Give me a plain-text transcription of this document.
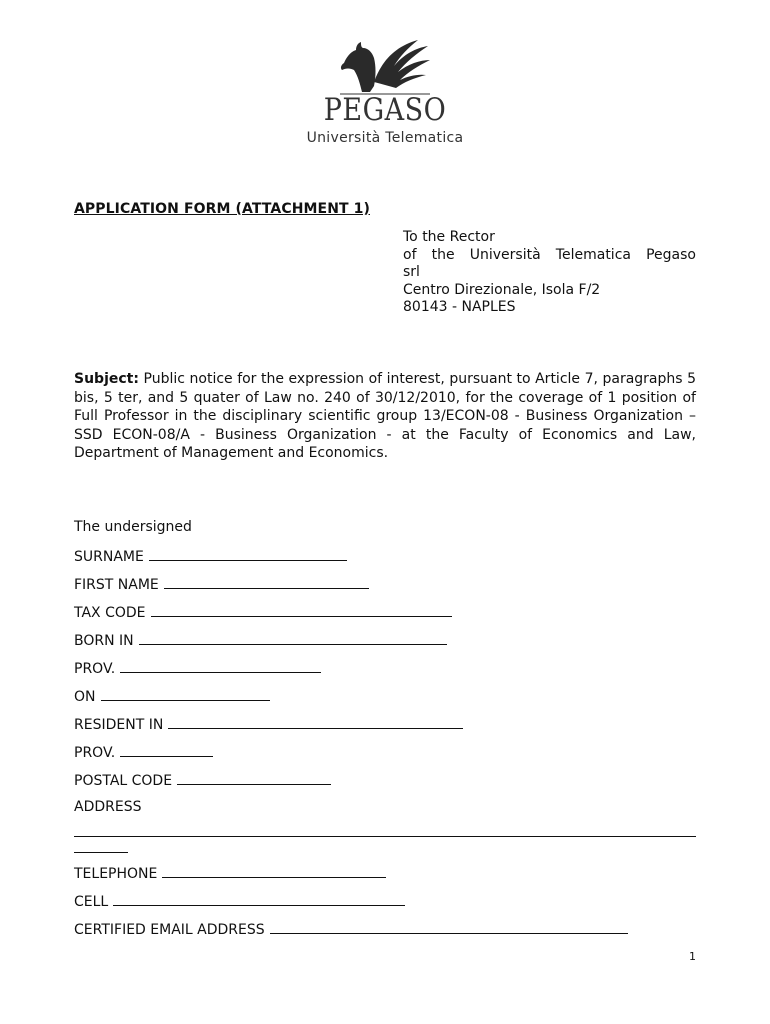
PEGASO
Università Telematica
APPLICATION FORM (ATTACHMENT 1)
To the Rector
of the Università Telematica Pegaso
srl
Centro Direzionale, Isola F/2
80143 - NAPLES
Subject: Public notice for the expression of interest, pursuant to Article 7, paragraphs 5 bis, 5 ter, and 5 quater of Law no. 240 of 30/12/2010, for the coverage of 1 position of Full Professor in the disciplinary scientific group 13/ECON-08 - Business Organization – SSD ECON-08/A - Business Organization - at the Faculty of Economics and Law, Department of Management and Economics.
The undersigned
SURNAME
FIRST NAME
TAX CODE
BORN IN
PROV.
ON
RESIDENT IN
PROV.
POSTAL CODE
ADDRESS
TELEPHONE
CELL
CERTIFIED EMAIL ADDRESS
1
